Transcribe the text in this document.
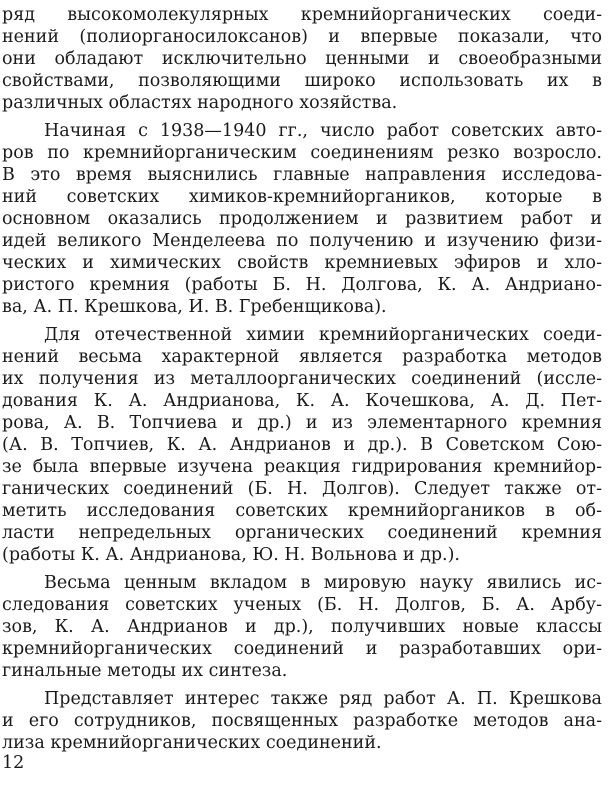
ряд высокомолекулярных кремнийорганических соеди-
нений (полиорганосилоксанов) и впервые показали, что
они обладают исключительно ценными и своеобразными
свойствами, позволяющими широко использовать их в
различных областях народного хозяйства.
Начиная с 1938—1940 гг., число работ советских авто-
ров по кремнийорганическим соединениям резко возросло.
В это время выяснились главные направления исследова-
ний советских химиков-кремнийоргаников, которые в
основном оказались продолжением и развитием работ и
идей великого Менделеева по получению и изучению физи-
ческих и химических свойств кремниевых эфиров и хло-
ристого кремния (работы Б. Н. Долгова, К. А. Андриано-
ва, А. П. Крешкова, И. В. Гребенщикова).
Для отечественной химии кремнийорганических соеди-
нений весьма характерной является разработка методов
их получения из металлоорганических соединений (иссле-
дования К. А. Андрианова, К. А. Кочешкова, А. Д. Пет-
рова, А. В. Топчиева и др.) и из элементарного кремния
(А. В. Топчиев, К. А. Андрианов и др.). В Советском Сою-
зе была впервые изучена реакция гидрирования кремнийор-
ганических соединений (Б. Н. Долгов). Следует также от-
метить исследования советских кремнийоргаников в об-
ласти непредельных органических соединений кремния
(работы К. А. Андрианова, Ю. Н. Вольнова и др.).
Весьма ценным вкладом в мировую науку явились ис-
следования советских ученых (Б. Н. Долгов, Б. А. Арбу-
зов, К. А. Андрианов и др.), получивших новые классы
кремнийорганических соединений и разработавших ори-
гинальные методы их синтеза.
Представляет интерес также ряд работ А. П. Крешкова
и его сотрудников, посвященных разработке методов ана-
лиза кремнийорганических соединений.
12
